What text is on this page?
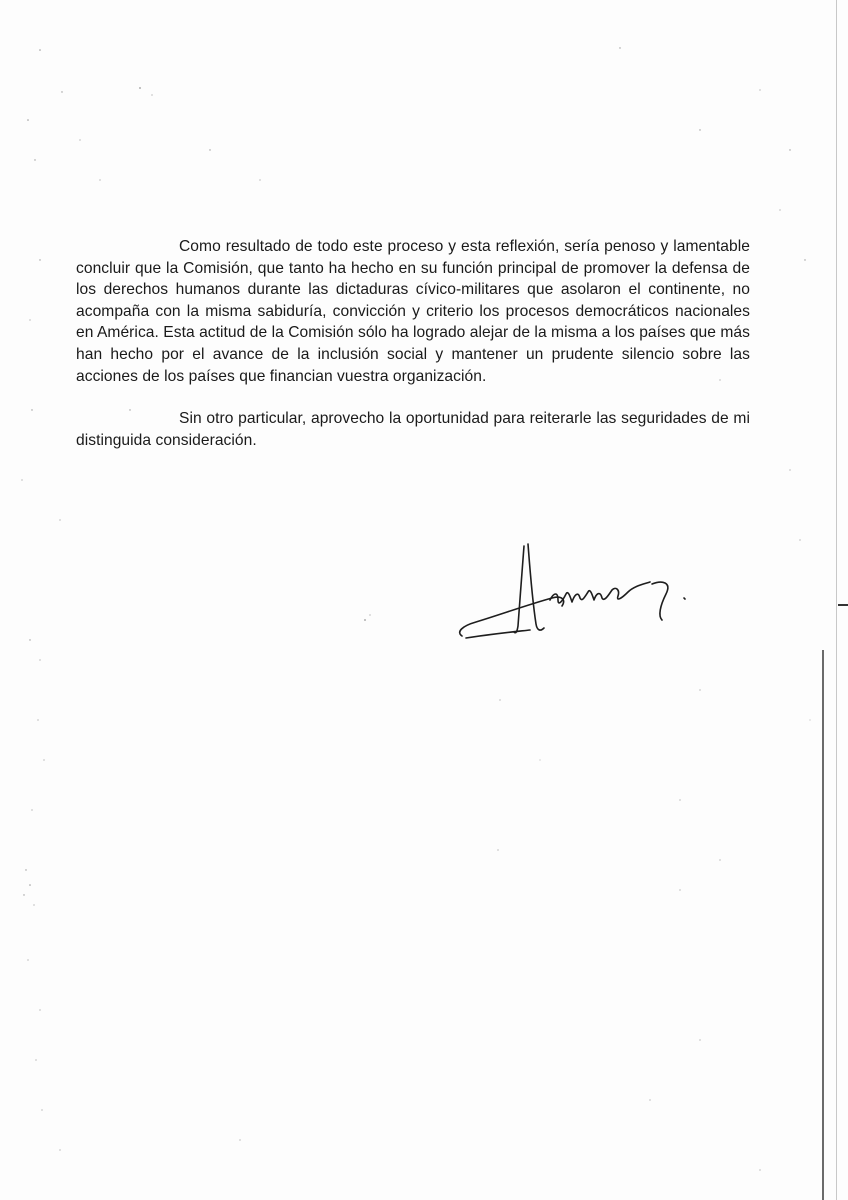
Como resultado de todo este proceso y esta reflexión, sería penoso y lamentable concluir que la Comisión, que tanto ha hecho en su función principal de promover la defensa de los derechos humanos durante las dictaduras cívico-militares que asolaron el continente, no acompaña con la misma sabiduría, convicción y criterio los procesos democráticos nacionales en América. Esta actitud de la Comisión sólo ha logrado alejar de la misma a los países que más han hecho por el avance de la inclusión social y mantener un prudente silencio sobre las acciones de los países que financian vuestra organización.

Sin otro particular, aprovecho la oportunidad para reiterarle las seguridades de mi distinguida consideración.
